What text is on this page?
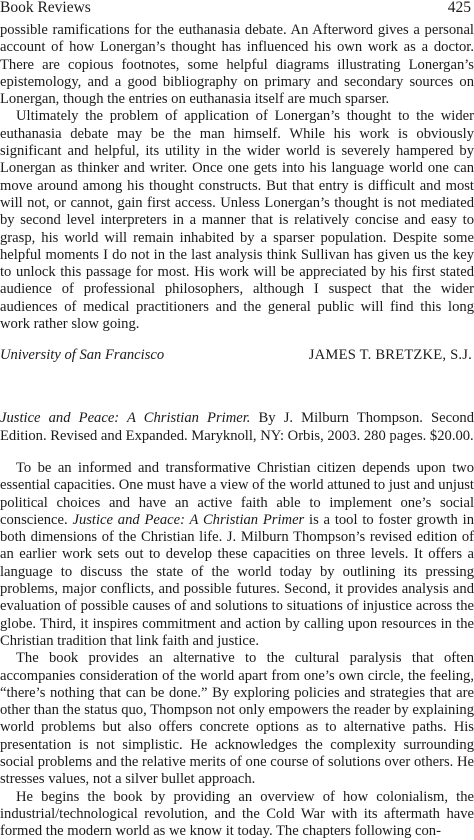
Book Reviews	425

possible ramifications for the euthanasia debate. An Afterword gives a personal account of how Lonergan’s thought has influenced his own work as a doctor. There are copious footnotes, some helpful diagrams illustrating Lonergan’s epistemology, and a good bibliography on primary and secondary sources on Lonergan, though the entries on euthanasia itself are much sparser.

Ultimately the problem of application of Lonergan’s thought to the wider euthanasia debate may be the man himself. While his work is obviously significant and helpful, its utility in the wider world is severely hampered by Lonergan as thinker and writer. Once one gets into his language world one can move around among his thought constructs. But that entry is difficult and most will not, or cannot, gain first access. Unless Lonergan’s thought is not mediated by second level interpreters in a manner that is relatively concise and easy to grasp, his world will remain inhabited by a sparser population. Despite some helpful moments I do not in the last analysis think Sullivan has given us the key to unlock this passage for most. His work will be appreciated by his first stated audience of professional philosophers, although I suspect that the wider audiences of medical practitioners and the general public will find this long work rather slow going.

University of San Francisco	JAMES T. BRETZKE, S.J.

Justice and Peace: A Christian Primer. By J. Milburn Thompson. Second Edition. Revised and Expanded. Maryknoll, NY: Orbis, 2003. 280 pages. $20.00.

To be an informed and transformative Christian citizen depends upon two essential capacities. One must have a view of the world attuned to just and unjust political choices and have an active faith able to implement one’s social conscience. Justice and Peace: A Christian Primer is a tool to foster growth in both dimensions of the Christian life. J. Milburn Thompson’s revised edition of an earlier work sets out to develop these capacities on three levels. It offers a language to discuss the state of the world today by outlining its pressing problems, major conflicts, and possible futures. Second, it provides analysis and evaluation of possible causes of and solutions to situations of injustice across the globe. Third, it inspires commitment and action by calling upon resources in the Christian tradition that link faith and justice.

The book provides an alternative to the cultural paralysis that often accompanies consideration of the world apart from one’s own circle, the feeling, “there’s nothing that can be done.” By exploring policies and strategies that are other than the status quo, Thompson not only empowers the reader by explaining world problems but also offers concrete options as to alternative paths. His presentation is not simplistic. He acknowledges the complexity surrounding social problems and the relative merits of one course of solutions over others. He stresses values, not a silver bullet approach.

He begins the book by providing an overview of how colonialism, the industrial/technological revolution, and the Cold War with its aftermath have formed the modern world as we know it today. The chapters following con-
